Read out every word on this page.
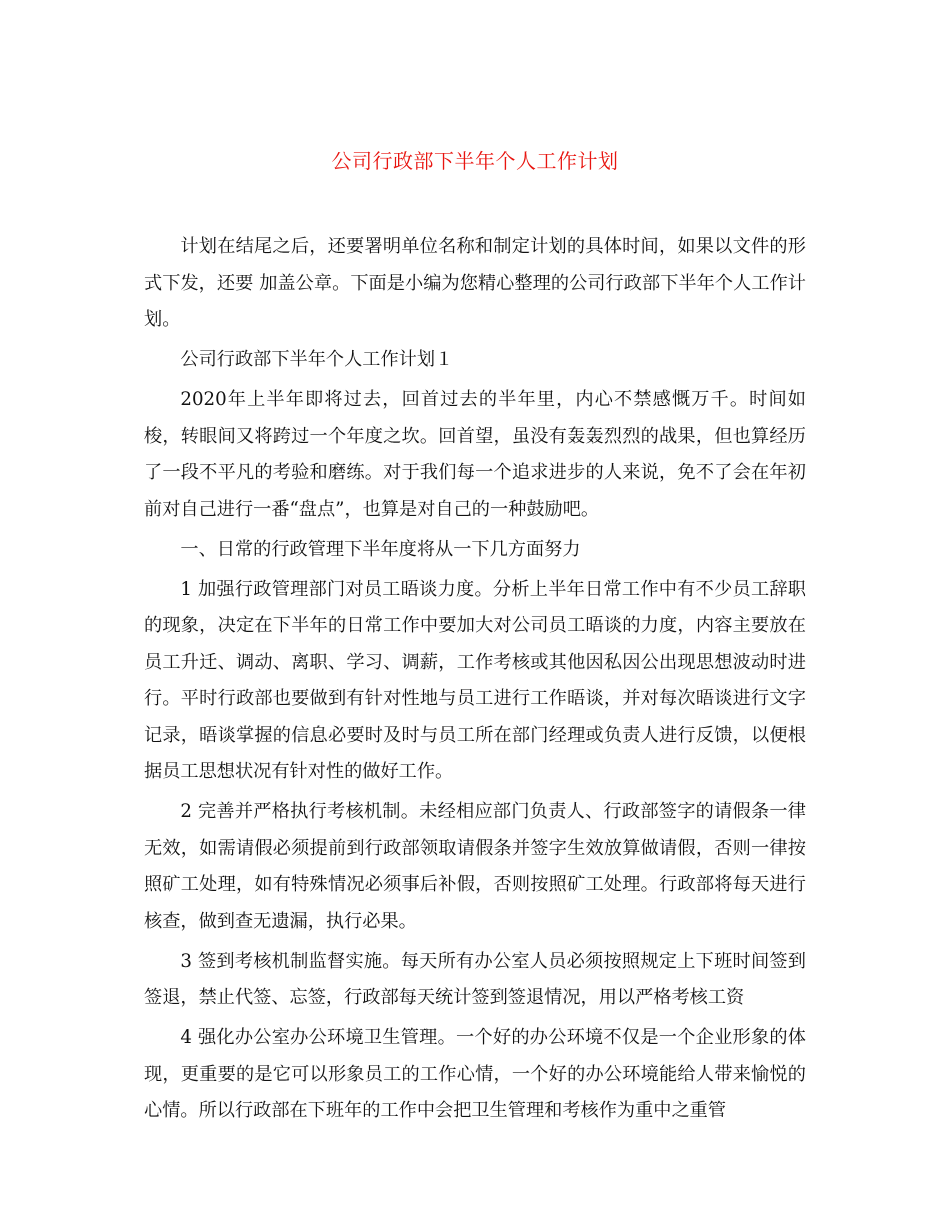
公司行政部下半年个人工作计划

计划在结尾之后，还要署明单位名称和制定计划的具体时间，如果以文件的形式下发，还要 加盖公章。下面是小编为您精心整理的公司行政部下半年个人工作计划。

公司行政部下半年个人工作计划１

2020年上半年即将过去，回首过去的半年里，内心不禁感慨万千。时间如梭，转眼间又将跨过一个年度之坎。回首望，虽没有轰轰烈烈的战果，但也算经历了一段不平凡的考验和磨练。对于我们每一个追求进步的人来说，免不了会在年初前对自己进行一番“盘点”，也算是对自己的一种鼓励吧。

一、日常的行政管理下半年度将从一下几方面努力

1 加强行政管理部门对员工晤谈力度。分析上半年日常工作中有不少员工辞职的现象，决定在下半年的日常工作中要加大对公司员工晤谈的力度，内容主要放在员工升迁、调动、离职、学习、调薪，工作考核或其他因私因公出现思想波动时进行。平时行政部也要做到有针对性地与员工进行工作晤谈，并对每次晤谈进行文字记录，晤谈掌握的信息必要时及时与员工所在部门经理或负责人进行反馈，以便根据员工思想状况有针对性的做好工作。

2 完善并严格执行考核机制。未经相应部门负责人、行政部签字的请假条一律无效，如需请假必须提前到行政部领取请假条并签字生效放算做请假，否则一律按照矿工处理，如有特殊情况必须事后补假，否则按照矿工处理。行政部将每天进行核查，做到查无遗漏，执行必果。

3 签到考核机制监督实施。每天所有办公室人员必须按照规定上下班时间签到签退，禁止代签、忘签，行政部每天统计签到签退情况，用以严格考核工资

4 强化办公室办公环境卫生管理。一个好的办公环境不仅是一个企业形象的体现，更重要的是它可以形象员工的工作心情，一个好的办公环境能给人带来愉悦的心情。所以行政部在下班年的工作中会把卫生管理和考核作为重中之重管
